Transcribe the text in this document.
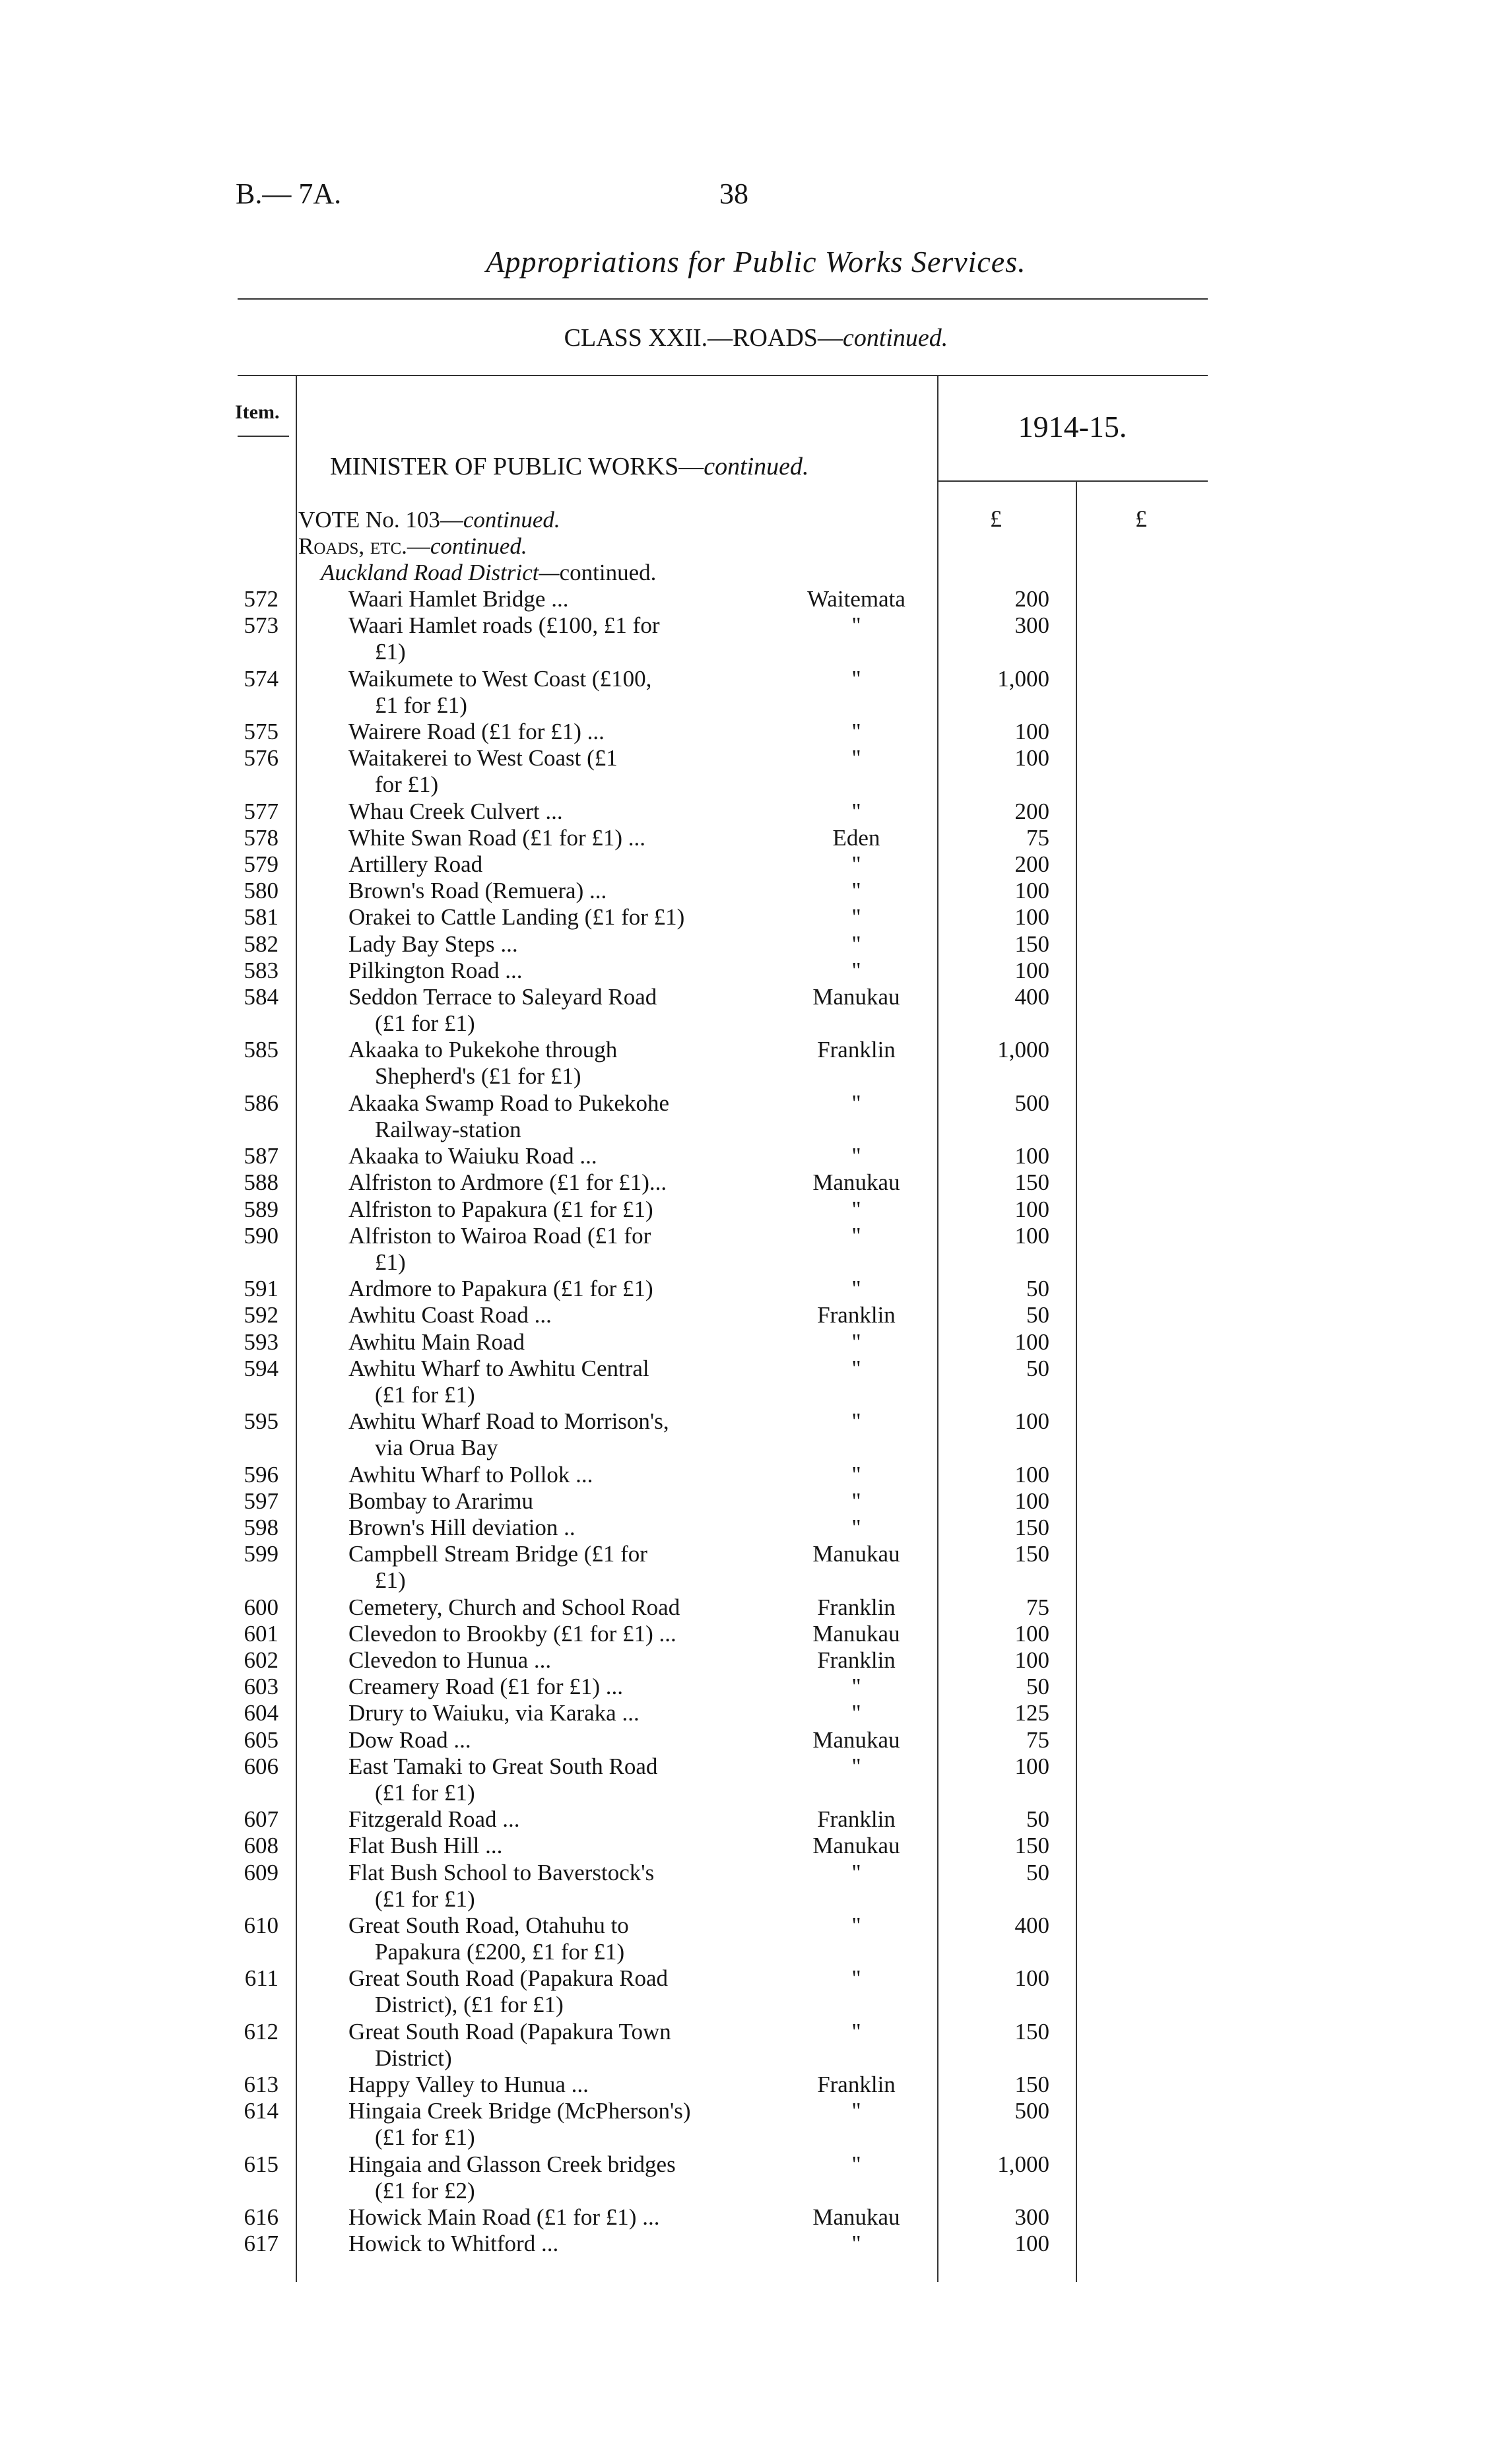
B.— 7A.	38
Appropriations for Public Works Services.
CLASS XXII.—ROADS—continued.
Item.
MINISTER OF PUBLIC WORKS—continued.
1914-15.
£	£
VOTE No. 103—continued.
Roads, etc.—continued.
Auckland Road District—continued.
572	Waari Hamlet Bridge ...	Waitemata	200
573	Waari Hamlet roads (£100, £1 for
£1)
"	300
574	Waikumete to West Coast (£100,
£1 for £1)
"	1,000
575	Wairere Road (£1 for £1) ...	"	100
576	Waitakerei to West Coast (£1
for £1)
"	100
577	Whau Creek Culvert ...	"	200
578	White Swan Road (£1 for £1) ...	Eden	75
579	Artillery Road	"	200
580	Brown's Road (Remuera) ...	"	100
581	Orakei to Cattle Landing (£1 for £1)	"	100
582	Lady Bay Steps ...	"	150
583	Pilkington Road ...	"	100
584	Seddon Terrace to Saleyard Road
(£1 for £1)
Manukau	400
585	Akaaka to Pukekohe through
Shepherd's (£1 for £1)
Franklin	1,000
586	Akaaka Swamp Road to Pukekohe
Railway-station
"	500
587	Akaaka to Waiuku Road ...	"	100
588	Alfriston to Ardmore (£1 for £1)...	Manukau	150
589	Alfriston to Papakura (£1 for £1)	"	100
590	Alfriston to Wairoa Road (£1 for
£1)
"	100
591	Ardmore to Papakura (£1 for £1)	"	50
592	Awhitu Coast Road ...	Franklin	50
593	Awhitu Main Road	"	100
594	Awhitu Wharf to Awhitu Central
(£1 for £1)
"	50
595	Awhitu Wharf Road to Morrison's,
via Orua Bay
"	100
596	Awhitu Wharf to Pollok ...	"	100
597	Bombay to Ararimu	"	100
598	Brown's Hill deviation ..	"	150
599	Campbell Stream Bridge (£1 for
£1)
Manukau	150
600	Cemetery, Church and School Road	Franklin	75
601	Clevedon to Brookby (£1 for £1) ...	Manukau	100
602	Clevedon to Hunua ...	Franklin	100
603	Creamery Road (£1 for £1) ...	"	50
604	Drury to Waiuku, via Karaka ...	"	125
605	Dow Road ...	Manukau	75
606	East Tamaki to Great South Road
(£1 for £1)
"	100
607	Fitzgerald Road ...	Franklin	50
608	Flat Bush Hill ...	Manukau	150
609	Flat Bush School to Baverstock's
(£1 for £1)
"	50
610	Great South Road, Otahuhu to
Papakura (£200, £1 for £1)
"	400
611	Great South Road (Papakura Road
District), (£1 for £1)
"	100
612	Great South Road (Papakura Town
District)
"	150
613	Happy Valley to Hunua ...	Franklin	150
614	Hingaia Creek Bridge (McPherson's)
(£1 for £1)
"	500
615	Hingaia and Glasson Creek bridges
(£1 for £2)
"	1,000
616	Howick Main Road (£1 for £1) ...	Manukau	300
617	Howick to Whitford ...	"	100
